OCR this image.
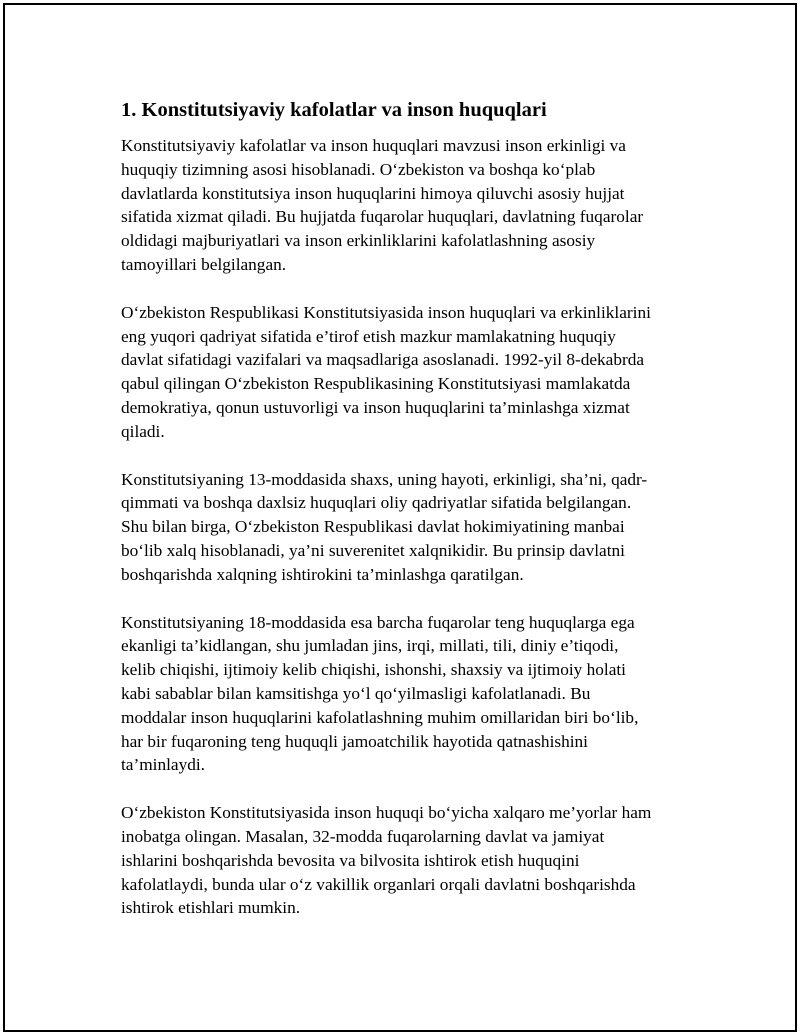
1. Konstitutsiyaviy kafolatlar va inson huquqlari

Konstitutsiyaviy kafolatlar va inson huquqlari mavzusi inson erkinligi va
huquqiy tizimning asosi hisoblanadi. O‘zbekiston va boshqa ko‘plab
davlatlarda konstitutsiya inson huquqlarini himoya qiluvchi asosiy hujjat
sifatida xizmat qiladi. Bu hujjatda fuqarolar huquqlari, davlatning fuqarolar
oldidagi majburiyatlari va inson erkinliklarini kafolatlashning asosiy
tamoyillari belgilangan.

O‘zbekiston Respublikasi Konstitutsiyasida inson huquqlari va erkinliklarini
eng yuqori qadriyat sifatida e’tirof etish mazkur mamlakatning huquqiy
davlat sifatidagi vazifalari va maqsadlariga asoslanadi. 1992-yil 8-dekabrda
qabul qilingan O‘zbekiston Respublikasining Konstitutsiyasi mamlakatda
demokratiya, qonun ustuvorligi va inson huquqlarini ta’minlashga xizmat
qiladi.

Konstitutsiyaning 13-moddasida shaxs, uning hayoti, erkinligi, sha’ni, qadr-
qimmati va boshqa daxlsiz huquqlari oliy qadriyatlar sifatida belgilangan.
Shu bilan birga, O‘zbekiston Respublikasi davlat hokimiyatining manbai
bo‘lib xalq hisoblanadi, ya’ni suverenitet xalqnikidir. Bu prinsip davlatni
boshqarishda xalqning ishtirokini ta’minlashga qaratilgan.

Konstitutsiyaning 18-moddasida esa barcha fuqarolar teng huquqlarga ega
ekanligi ta’kidlangan, shu jumladan jins, irqi, millati, tili, diniy e’tiqodi,
kelib chiqishi, ijtimoiy kelib chiqishi, ishonshi, shaxsiy va ijtimoiy holati
kabi sabablar bilan kamsitishga yo‘l qo‘yilmasligi kafolatlanadi. Bu
moddalar inson huquqlarini kafolatlashning muhim omillaridan biri bo‘lib,
har bir fuqaroning teng huquqli jamoatchilik hayotida qatnashishini
ta’minlaydi.

O‘zbekiston Konstitutsiyasida inson huquqi bo‘yicha xalqaro me’yorlar ham
inobatga olingan. Masalan, 32-modda fuqarolarning davlat va jamiyat
ishlarini boshqarishda bevosita va bilvosita ishtirok etish huquqini
kafolatlaydi, bunda ular o‘z vakillik organlari orqali davlatni boshqarishda
ishtirok etishlari mumkin.
